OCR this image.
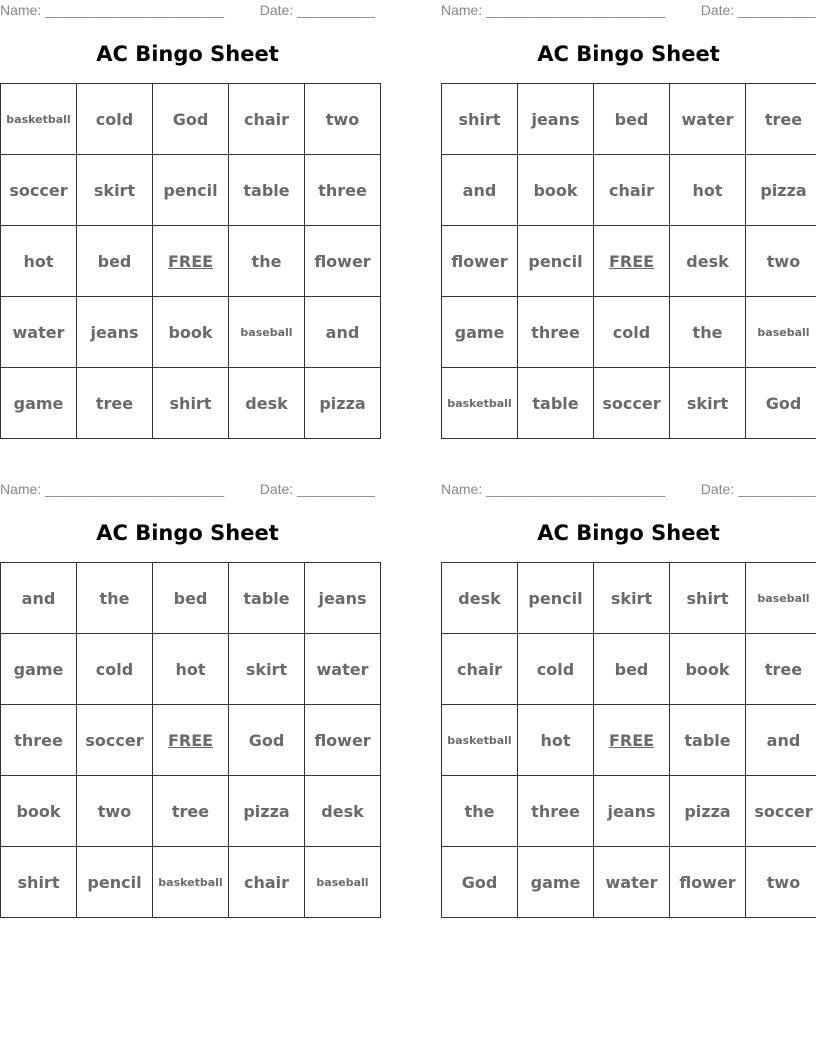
Name: _______________________	Date: __________
AC Bingo Sheet
basketball	cold	God	chair	two
soccer	skirt	pencil	table	three
hot	bed	FREE	the	flower
water	jeans	book	baseball	and
game	tree	shirt	desk	pizza
Name: _______________________	Date: __________
AC Bingo Sheet
shirt	jeans	bed	water	tree
and	book	chair	hot	pizza
flower	pencil	FREE	desk	two
game	three	cold	the	baseball
basketball	table	soccer	skirt	God
Name: _______________________	Date: __________
AC Bingo Sheet
and	the	bed	table	jeans
game	cold	hot	skirt	water
three	soccer	FREE	God	flower
book	two	tree	pizza	desk
shirt	pencil	basketball	chair	baseball
Name: _______________________	Date: __________
AC Bingo Sheet
desk	pencil	skirt	shirt	baseball
chair	cold	bed	book	tree
basketball	hot	FREE	table	and
the	three	jeans	pizza	soccer
God	game	water	flower	two
